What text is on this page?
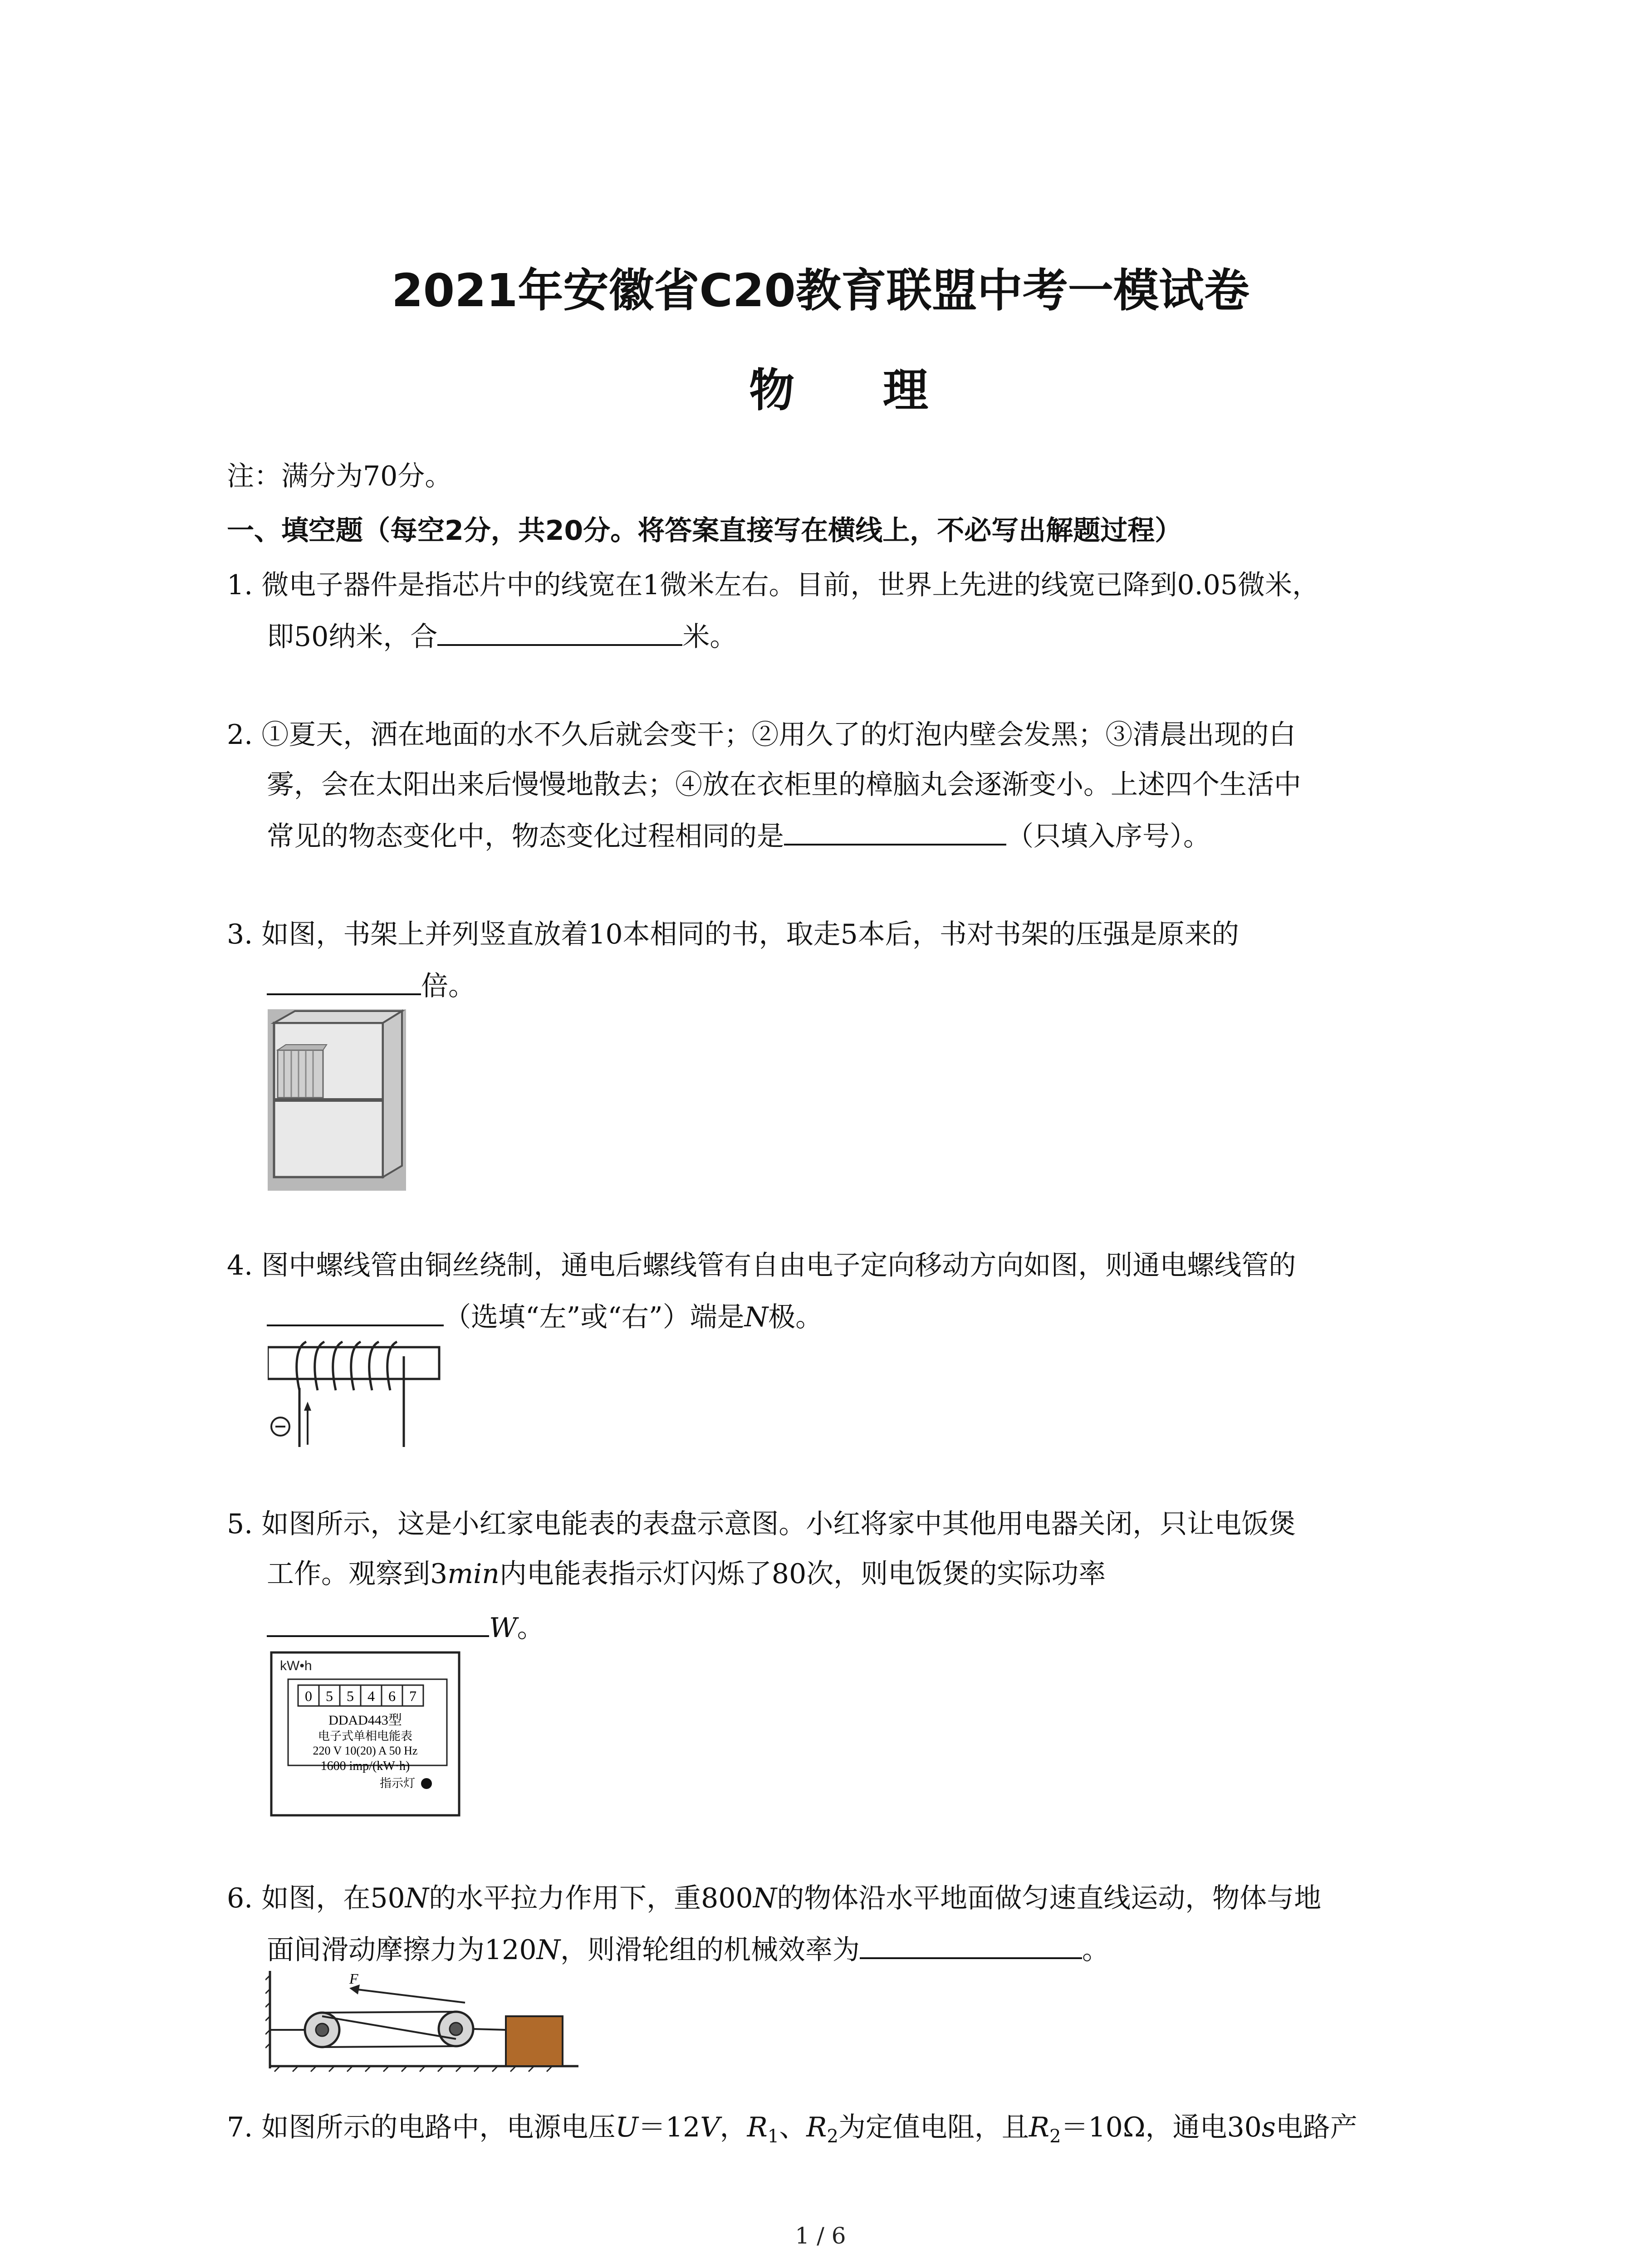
2021年安徽省C20教育联盟中考一模试卷
物 理
注：满分为70分。
一、填空题（每空2分，共20分。将答案直接写在横线上，不必写出解题过程）
1. 微电子器件是指芯片中的线宽在1微米左右。目前，世界上先进的线宽已降到0.05微米，
即50纳米，合	米。
2. ①夏天，洒在地面的水不久后就会变干；②用久了的灯泡内壁会发黑；③清晨出现的白
雾，会在太阳出来后慢慢地散去；④放在衣柜里的樟脑丸会逐渐变小。上述四个生活中
常见的物态变化中，物态变化过程相同的是	（只填入序号）。
3. 如图，书架上并列竖直放着10本相同的书，取走5本后，书对书架的压强是原来的
倍。
4. 图中螺线管由铜丝绕制，通电后螺线管有自由电子定向移动方向如图，则通电螺线管的
（选填“左”或“右”）端是N极。
5. 如图所示，这是小红家电能表的表盘示意图。小红将家中其他用电器关闭，只让电饭煲
工作。观察到3min内电能表指示灯闪烁了80次，则电饭煲的实际功率
W。
kW•h
0 5 5 4 6 7
DDAD443型
电子式单相电能表
220 V 10(20) A 50 Hz
1600 imp/(kW·h)
指示灯
6. 如图，在50N的水平拉力作用下，重800N的物体沿水平地面做匀速直线运动，物体与地
面间滑动摩擦力为120N，则滑轮组的机械效率为	。
F
7. 如图所示的电路中，电源电压U＝12V，$R_1$、$R_2$为定值电阻，且$R_2=10\Omega$，通电30s电路产
1 / 6
